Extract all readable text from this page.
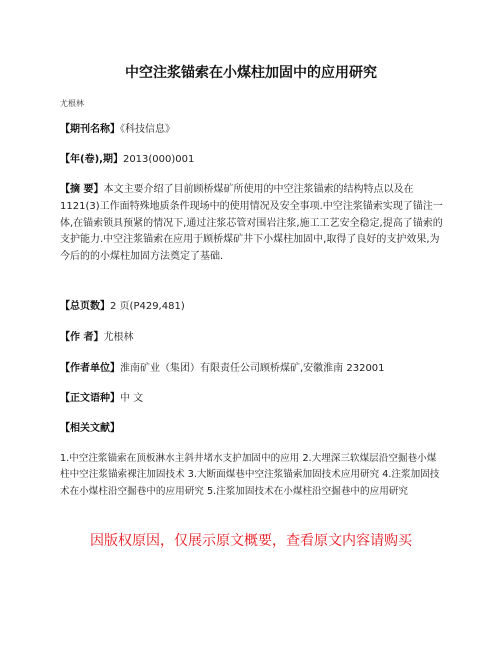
中空注浆锚索在小煤柱加固中的应用研究
尤根林
【期刊名称】《科技信息》
【年(卷),期】2013(000)001
【摘 要】本文主要介绍了目前顾桥煤矿所使用的中空注浆锚索的结构特点以及在1121(3)工作面特殊地质条件现场中的使用情况及安全事项.中空注浆锚索实现了锚注一体,在锚索锁具预紧的情况下,通过注浆芯管对围岩注浆,施工工艺安全稳定,提高了锚索的支护能力.中空注浆锚索在应用于顾桥煤矿井下小煤柱加固中,取得了良好的支护效果,为今后的的小煤柱加固方法奠定了基础.
【总页数】2 页(P429,481)
【作 者】尤根林
【作者单位】淮南矿业（集团）有限责任公司顾桥煤矿,安徽淮南 232001
【正文语种】中 文
【相关文献】
1.中空注浆锚索在顶板淋水主斜井堵水支护加固中的应用 2.大埋深三软煤层沿空掘巷小煤柱中空注浆锚索裸注加固技术 3.大断面煤巷中空注浆锚索加固技术应用研究 4.注浆加固技术在小煤柱沿空掘巷中的应用研究 5.注浆加固技术在小煤柱沿空掘巷中的应用研究
因版权原因，仅展示原文概要，查看原文内容请购买
